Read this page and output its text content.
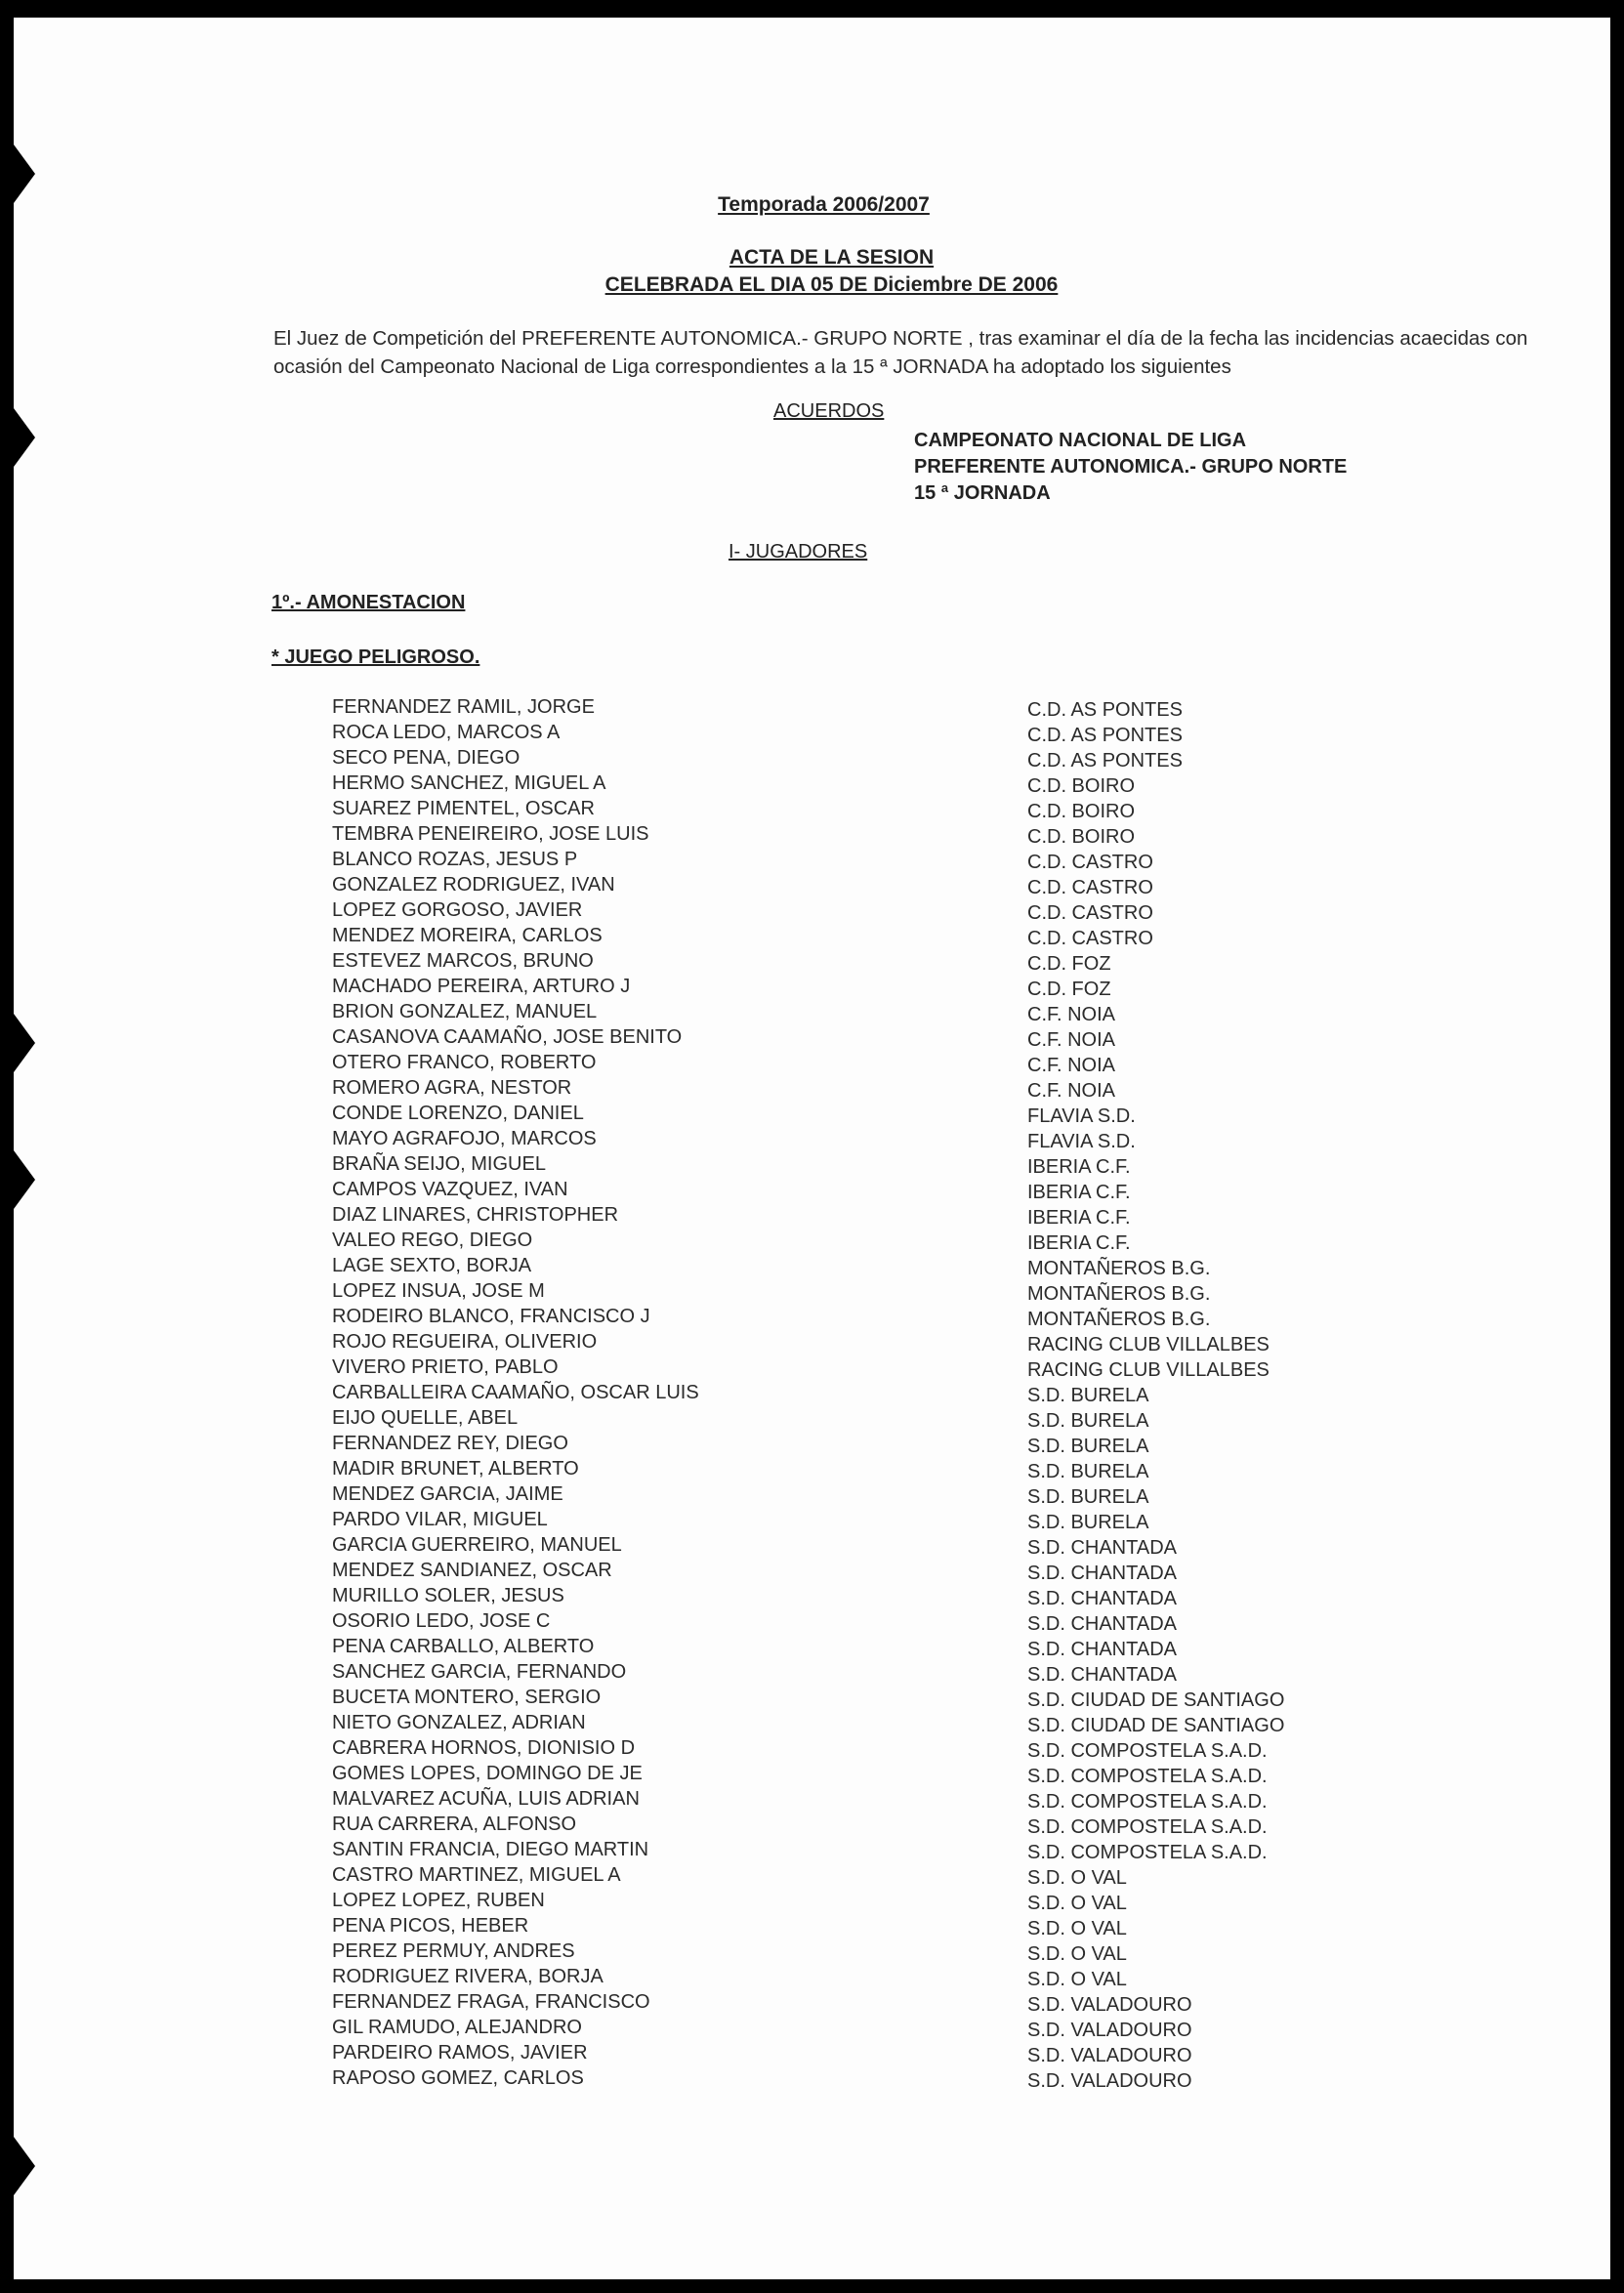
Temporada 2006/2007
ACTA DE LA SESION
CELEBRADA EL DIA 05 DE Diciembre DE 2006
El Juez de Competición del PREFERENTE AUTONOMICA.- GRUPO NORTE , tras examinar el día de la fecha las incidencias acaecidas con ocasión del Campeonato Nacional de Liga correspondientes a la 15 ª JORNADA ha adoptado los siguientes
ACUERDOS
CAMPEONATO NACIONAL DE LIGA
PREFERENTE AUTONOMICA.- GRUPO NORTE
15 ª JORNADA
I- JUGADORES
1º.- AMONESTACION
* JUEGO PELIGROSO.
FERNANDEZ RAMIL, JORGE	C.D. AS PONTES
ROCA LEDO, MARCOS A	C.D. AS PONTES
SECO PENA, DIEGO	C.D. AS PONTES
HERMO SANCHEZ, MIGUEL A	C.D. BOIRO
SUAREZ PIMENTEL, OSCAR	C.D. BOIRO
TEMBRA PENEIREIRO, JOSE LUIS	C.D. BOIRO
BLANCO ROZAS, JESUS P	C.D. CASTRO
GONZALEZ RODRIGUEZ, IVAN	C.D. CASTRO
LOPEZ GORGOSO, JAVIER	C.D. CASTRO
MENDEZ MOREIRA, CARLOS	C.D. CASTRO
ESTEVEZ MARCOS, BRUNO	C.D. FOZ
MACHADO PEREIRA, ARTURO J	C.D. FOZ
BRION GONZALEZ, MANUEL	C.F. NOIA
CASANOVA CAAMAÑO, JOSE BENITO	C.F. NOIA
OTERO FRANCO, ROBERTO	C.F. NOIA
ROMERO AGRA, NESTOR	C.F. NOIA
CONDE LORENZO, DANIEL	FLAVIA S.D.
MAYO AGRAFOJO, MARCOS	FLAVIA S.D.
BRAÑA SEIJO, MIGUEL	IBERIA C.F.
CAMPOS VAZQUEZ, IVAN	IBERIA C.F.
DIAZ LINARES, CHRISTOPHER	IBERIA C.F.
VALEO REGO, DIEGO	IBERIA C.F.
LAGE SEXTO, BORJA	MONTAÑEROS B.G.
LOPEZ INSUA, JOSE M	MONTAÑEROS B.G.
RODEIRO BLANCO, FRANCISCO J	MONTAÑEROS B.G.
ROJO REGUEIRA, OLIVERIO	RACING CLUB VILLALBES
VIVERO PRIETO, PABLO	RACING CLUB VILLALBES
CARBALLEIRA CAAMAÑO, OSCAR LUIS	S.D. BURELA
EIJO QUELLE, ABEL	S.D. BURELA
FERNANDEZ REY, DIEGO	S.D. BURELA
MADIR BRUNET, ALBERTO	S.D. BURELA
MENDEZ GARCIA, JAIME	S.D. BURELA
PARDO VILAR, MIGUEL	S.D. BURELA
GARCIA GUERREIRO, MANUEL	S.D. CHANTADA
MENDEZ SANDIANEZ, OSCAR	S.D. CHANTADA
MURILLO SOLER, JESUS	S.D. CHANTADA
OSORIO LEDO, JOSE C	S.D. CHANTADA
PENA CARBALLO, ALBERTO	S.D. CHANTADA
SANCHEZ GARCIA, FERNANDO	S.D. CHANTADA
BUCETA MONTERO, SERGIO	S.D. CIUDAD DE SANTIAGO
NIETO GONZALEZ, ADRIAN	S.D. CIUDAD DE SANTIAGO
CABRERA HORNOS, DIONISIO D	S.D. COMPOSTELA S.A.D.
GOMES LOPES, DOMINGO DE JE	S.D. COMPOSTELA S.A.D.
MALVAREZ ACUÑA, LUIS ADRIAN	S.D. COMPOSTELA S.A.D.
RUA CARRERA, ALFONSO	S.D. COMPOSTELA S.A.D.
SANTIN FRANCIA, DIEGO MARTIN	S.D. COMPOSTELA S.A.D.
CASTRO MARTINEZ, MIGUEL A	S.D. O VAL
LOPEZ LOPEZ, RUBEN	S.D. O VAL
PENA PICOS, HEBER	S.D. O VAL
PEREZ PERMUY, ANDRES	S.D. O VAL
RODRIGUEZ RIVERA, BORJA	S.D. O VAL
FERNANDEZ FRAGA, FRANCISCO	S.D. VALADOURO
GIL RAMUDO, ALEJANDRO	S.D. VALADOURO
PARDEIRO RAMOS, JAVIER	S.D. VALADOURO
RAPOSO GOMEZ, CARLOS	S.D. VALADOURO
